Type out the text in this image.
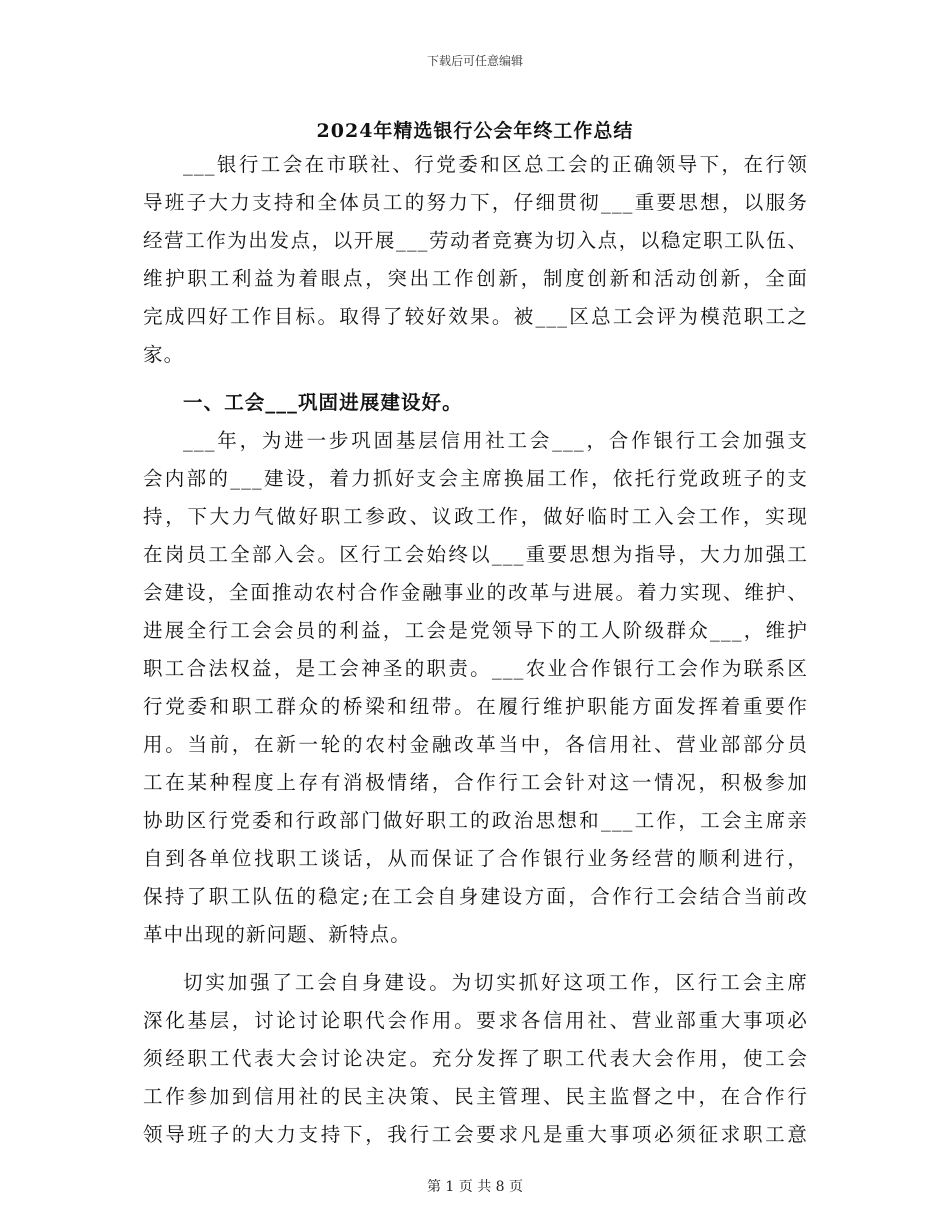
下载后可任意编辑
2024年精选银行公会年终工作总结
___银行工会在市联社、行党委和区总工会的正确领导下，在行领
导班子大力支持和全体员工的努力下，仔细贯彻___重要思想，以服务
经营工作为出发点，以开展___劳动者竞赛为切入点，以稳定职工队伍、
维护职工利益为着眼点，突出工作创新，制度创新和活动创新，全面
完成四好工作目标。取得了较好效果。被___区总工会评为模范职工之
家。
一、工会___巩固进展建设好。
___年，为进一步巩固基层信用社工会___，合作银行工会加强支
会内部的___建设，着力抓好支会主席换届工作，依托行党政班子的支
持，下大力气做好职工参政、议政工作，做好临时工入会工作，实现
在岗员工全部入会。区行工会始终以___重要思想为指导，大力加强工
会建设，全面推动农村合作金融事业的改革与进展。着力实现、维护、
进展全行工会会员的利益，工会是党领导下的工人阶级群众___，维护
职工合法权益，是工会神圣的职责。___农业合作银行工会作为联系区
行党委和职工群众的桥梁和纽带。在履行维护职能方面发挥着重要作
用。当前，在新一轮的农村金融改革当中，各信用社、营业部部分员
工在某种程度上存有消极情绪，合作行工会针对这一情况，积极参加
协助区行党委和行政部门做好职工的政治思想和___工作，工会主席亲
自到各单位找职工谈话，从而保证了合作银行业务经营的顺利进行，
保持了职工队伍的稳定;在工会自身建设方面，合作行工会结合当前改
革中出现的新问题、新特点。
切实加强了工会自身建设。为切实抓好这项工作，区行工会主席
深化基层，讨论讨论职代会作用。要求各信用社、营业部重大事项必
须经职工代表大会讨论决定。充分发挥了职工代表大会作用，使工会
工作参加到信用社的民主决策、民主管理、民主监督之中，在合作行
领导班子的大力支持下，我行工会要求凡是重大事项必须征求职工意
第 1 页 共 8 页
